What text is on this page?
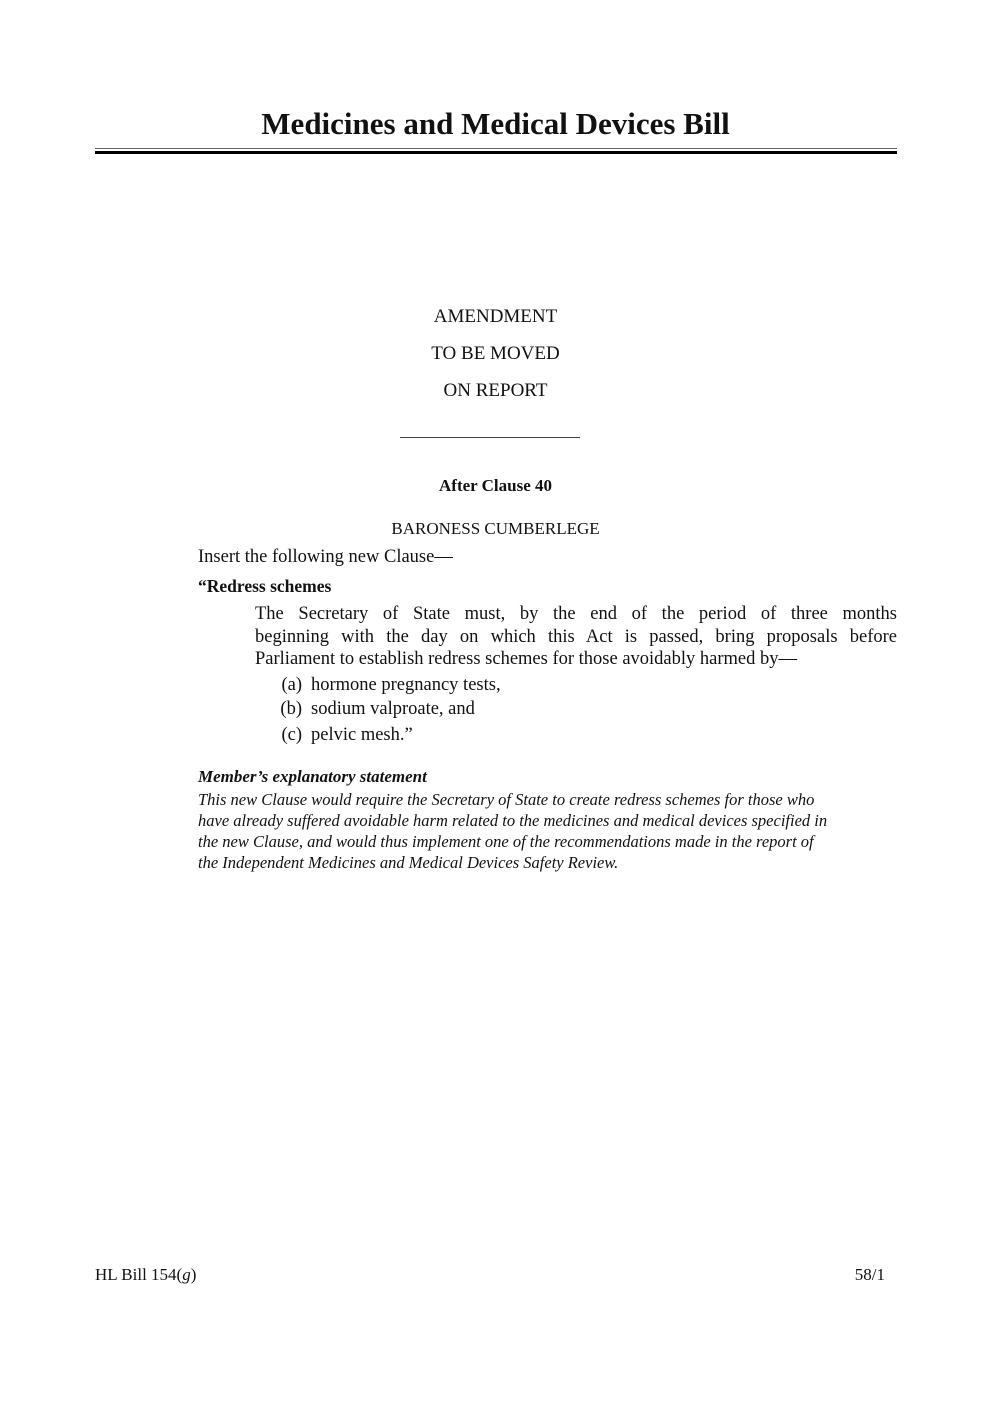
Medicines and Medical Devices Bill
AMENDMENT
TO BE MOVED
ON REPORT
After Clause 40
BARONESS CUMBERLEGE
Insert the following new Clause—
“Redress schemes
The Secretary of State must, by the end of the period of three months
beginning with the day on which this Act is passed, bring proposals before
Parliament to establish redress schemes for those avoidably harmed by—
(a) hormone pregnancy tests,
(b) sodium valproate, and
(c) pelvic mesh.”
Member’s explanatory statement
This new Clause would require the Secretary of State to create redress schemes for those who
have already suffered avoidable harm related to the medicines and medical devices specified in
the new Clause, and would thus implement one of the recommendations made in the report of
the Independent Medicines and Medical Devices Safety Review.
HL Bill 154(g)	58/1
